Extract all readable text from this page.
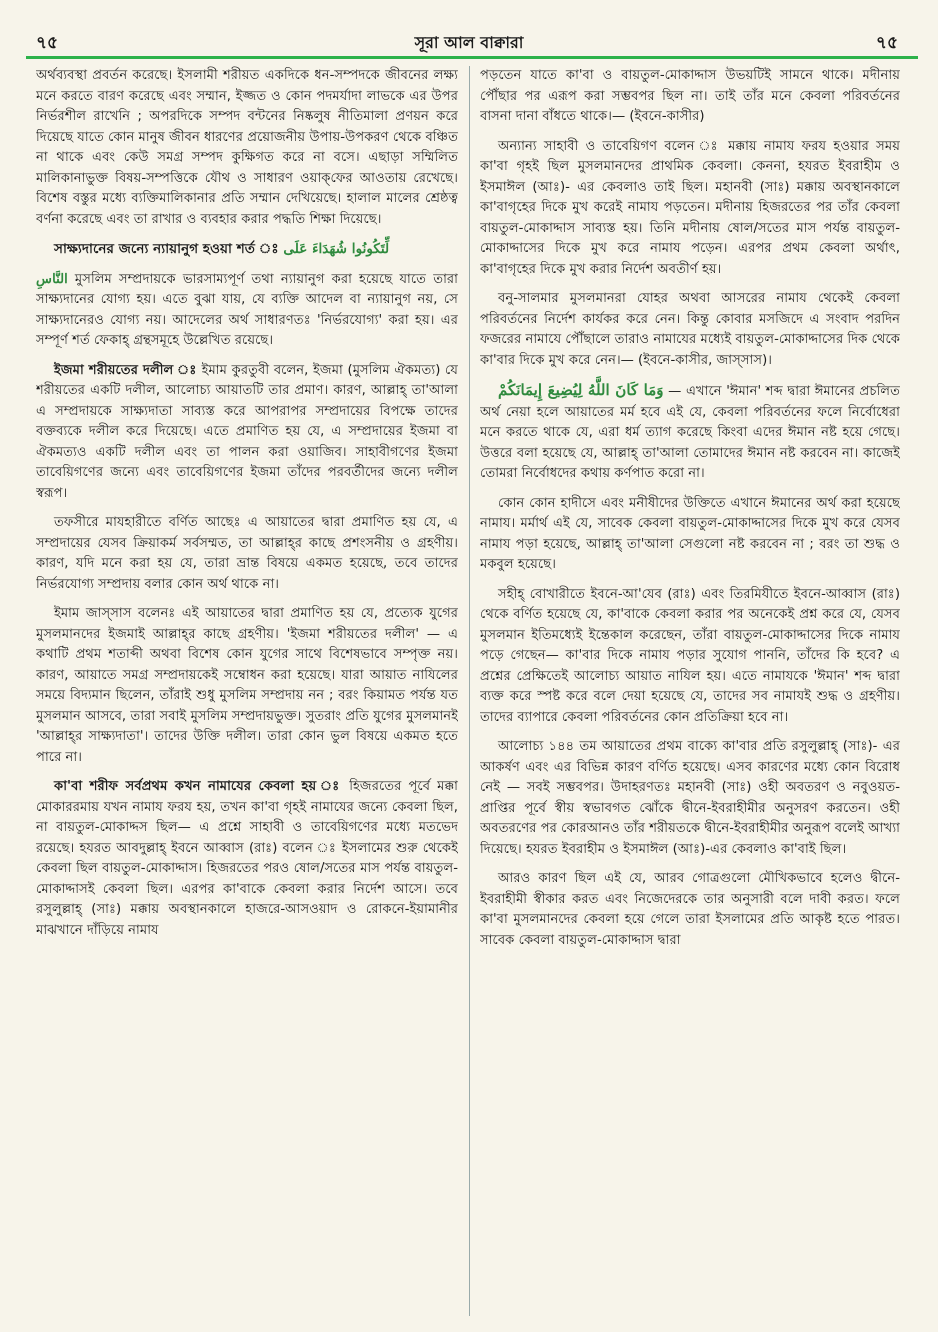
৭৫	সূরা আল বাক্বারা	৭৫

অর্থব্যবস্থা প্রবর্তন করেছে। ইসলামী শরীয়ত একদিকে ধন-সম্পদকে জীবনের লক্ষ্য মনে করতে বারণ করেছে এবং সম্মান, ইজ্জত ও কোন পদমর্যাদা লাভকে এর উপর নির্ভরশীল রাখেনি ; অপরদিকে সম্পদ বন্টনের নিষ্কলুষ নীতিমালা প্রণয়ন করে দিয়েছে যাতে কোন মানুষ জীবন ধারণের প্রয়োজনীয় উপায়-উপকরণ থেকে বঞ্চিত না থাকে এবং কেউ সমগ্র সম্পদ কুক্ষিগত করে না বসে। এছাড়া সম্মিলিত মালিকানাভুক্ত বিষয়-সম্পত্তিকে যৌথ ও সাধারণ ওয়াক্‌ফের আওতায় রেখেছে। বিশেষ বস্তুর মধ্যে ব্যক্তিমালিকানার প্রতি সম্মান দেখিয়েছে। হালাল মালের শ্রেষ্ঠত্ব বর্ণনা করেছে এবং তা রাখার ও ব্যবহার করার পদ্ধতি শিক্ষা দিয়েছে।

সাক্ষ্যদানের জন্যে ন্যায়ানুগ হওয়া শর্ত ঃ لِّتَكُونُوا شُهَدَاءَ عَلَى

النَّاسِ মুসলিম সম্প্রদায়কে ভারসাম্যপূর্ণ তথা ন্যায়ানুগ করা হয়েছে যাতে তারা সাক্ষ্যদানের যোগ্য হয়। এতে বুঝা যায়, যে ব্যক্তি আদেল বা ন্যায়ানুগ নয়, সে সাক্ষ্যদানেরও যোগ্য নয়। আদেলের অর্থ সাধারণতঃ 'নির্ভরযোগ্য' করা হয়। এর সম্পূর্ণ শর্ত ফেকাহ্ গ্রন্থসমূহে উল্লেখিত রয়েছে।

ইজমা শরীয়তের দলীল ঃ ইমাম কুরতুবী বলেন, ইজমা (মুসলিম ঐকমত্য) যে শরীয়তের একটি দলীল, আলোচ্য আয়াতটি তার প্রমাণ। কারণ, আল্লাহ্ তা'আলা এ সম্প্রদায়কে সাক্ষ্যদাতা সাব্যস্ত করে আপরাপর সম্প্রদায়ের বিপক্ষে তাদের বক্তব্যকে দলীল করে দিয়েছে। এতে প্রমাণিত হয় যে, এ সম্প্রদায়ের ইজমা বা ঐকমত্যও একটি দলীল এবং তা পালন করা ওয়াজিব। সাহাবীগণের ইজমা তাবেয়িগণের জন্যে এবং তাবেয়িগণের ইজমা তাঁদের পরবর্তীদের জন্যে দলীল স্বরূপ।

তফসীরে মাযহারীতে বর্ণিত আছেঃ এ আয়াতের দ্বারা প্রমাণিত হয় যে, এ সম্প্রদায়ের যেসব ক্রিয়াকর্ম সর্বসম্মত, তা আল্লাহ্‌র কাছে প্রশংসনীয় ও গ্রহণীয়। কারণ, যদি মনে করা হয় যে, তারা ভ্রান্ত বিষয়ে একমত হয়েছে, তবে তাদের নির্ভরযোগ্য সম্প্রদায় বলার কোন অর্থ থাকে না।

ইমাম জাস্‌সাস বলেনঃ এই আয়াতের দ্বারা প্রমাণিত হয় যে, প্রত্যেক যুগের মুসলমানদের ইজমাই আল্লাহ্‌র কাছে গ্রহণীয়। 'ইজমা শরীয়তের দলীল' — এ কথাটি প্রথম শতাব্দী অথবা বিশেষ কোন যুগের সাথে বিশেষভাবে সম্পৃক্ত নয়। কারণ, আয়াতে সমগ্র সম্প্রদায়কেই সম্বোধন করা হয়েছে। যারা আয়াত নাযিলের সময়ে বিদ্যমান ছিলেন, তাঁরাই শুধু মুসলিম সম্প্রদায় নন ; বরং কিয়ামত পর্যন্ত যত মুসলমান আসবে, তারা সবাই মুসলিম সম্প্রদায়ভুক্ত। সুতরাং প্রতি যুগের মুসলমানই 'আল্লাহ্‌র সাক্ষ্যদাতা'। তাদের উক্তি দলীল। তারা কোন ভুল বিষয়ে একমত হতে পারে না।

কা'বা শরীফ সর্বপ্রথম কখন নামাযের কেবলা হয় ঃ হিজরতের পূর্বে মক্কা মোকাররমায় যখন নামায ফরয হয়, তখন কা'বা গৃহই নামাযের জন্যে কেবলা ছিল, না বায়তুল-মোকাদ্দস ছিল— এ প্রশ্নে সাহাবী ও তাবেয়িগণের মধ্যে মতভেদ রয়েছে। হযরত আবদুল্লাহ্ ইবনে আব্বাস (রাঃ) বলেন ঃ ইসলামের শুরু থেকেই কেবলা ছিল বায়তুল-মোকাদ্দাস। হিজরতের পরও ষোল/সতের মাস পর্যন্ত বায়তুল-মোকাদ্দাসই কেবলা ছিল। এরপর কা'বাকে কেবলা করার নির্দেশ আসে। তবে রসুলুল্লাহ্ (সাঃ) মক্কায় অবস্থানকালে হাজরে-আসওয়াদ ও রোকনে-ইয়ামানীর মাঝখানে দাঁড়িয়ে নামায

পড়তেন যাতে কা'বা ও বায়তুল-মোকাদ্দাস উভয়টিই সামনে থাকে। মদীনায় পৌঁছার পর এরূপ করা সম্ভবপর ছিল না। তাই তাঁর মনে কেবলা পরিবর্তনের বাসনা দানা বাঁধতে থাকে।— (ইবনে-কাসীর)

অন্যান্য সাহাবী ও তাবেয়িগণ বলেন ঃ মক্কায় নামায ফরয হওয়ার সময় কা'বা গৃহই ছিল মুসলমানদের প্রাথমিক কেবলা। কেননা, হযরত ইবরাহীম ও ইসমাঈল (আঃ)- এর কেবলাও তাই ছিল। মহানবী (সাঃ) মক্কায় অবস্থানকালে কা'বাগৃহের দিকে মুখ করেই নামায পড়তেন। মদীনায় হিজরতের পর তাঁর কেবলা বায়তুল-মোকাদ্দাস সাব্যস্ত হয়। তিনি মদীনায় ষোল/সতের মাস পর্যন্ত বায়তুল-মোকাদ্দাসের দিকে মুখ করে নামায পড়েন। এরপর প্রথম কেবলা অর্থাৎ, কা'বাগৃহের দিকে মুখ করার নির্দেশ অবতীর্ণ হয়।

বনু-সালমার মুসলমানরা যোহর অথবা আসরের নামায থেকেই কেবলা পরিবর্তনের নির্দেশ কার্যকর করে নেন। কিন্তু কোবার মসজিদে এ সংবাদ পরদিন ফজরের নামাযে পৌঁছালে তারাও নামাযের মধ্যেই বায়তুল-মোকাদ্দাসের দিক থেকে কা'বার দিকে মুখ করে নেন।— (ইবনে-কাসীর, জাস্‌সাস)।

وَمَا كَانَ اللَّهُ لِيُضِيعَ إِيمَانَكُمْ — এখানে 'ঈমান' শব্দ দ্বারা ঈমানের প্রচলিত অর্থ নেয়া হলে আয়াতের মর্ম হবে এই যে, কেবলা পরিবর্তনের ফলে নির্বোধেরা মনে করতে থাকে যে, এরা ধর্ম ত্যাগ করেছে কিংবা এদের ঈমান নষ্ট হয়ে গেছে। উত্তরে বলা হয়েছে যে, আল্লাহ্ তা'আলা তোমাদের ঈমান নষ্ট করবেন না। কাজেই তোমরা নির্বোধদের কথায় কর্ণপাত করো না।

কোন কোন হাদীসে এবং মনীষীদের উক্তিতে এখানে ঈমানের অর্থ করা হয়েছে নামায। মর্মার্থ এই যে, সাবেক কেবলা বায়তুল-মোকাদ্দাসের দিকে মুখ করে যেসব নামায পড়া হয়েছে, আল্লাহ্ তা'আলা সেগুলো নষ্ট করবেন না ; বরং তা শুদ্ধ ও মকবুল হয়েছে।

সহীহ্ বোখারীতে ইবনে-আ'যেব (রাঃ) এবং তিরমিযীতে ইবনে-আব্বাস (রাঃ) থেকে বর্ণিত হয়েছে যে, কা'বাকে কেবলা করার পর অনেকেই প্রশ্ন করে যে, যেসব মুসলমান ইতিমধ্যেই ইন্তেকাল করেছেন, তাঁরা বায়তুল-মোকাদ্দাসের দিকে নামায পড়ে গেছেন— কা'বার দিকে নামায পড়ার সুযোগ পাননি, তাঁদের কি হবে? এ প্রশ্নের প্রেক্ষিতেই আলোচ্য আয়াত নাযিল হয়। এতে নামাযকে 'ঈমান' শব্দ দ্বারা ব্যক্ত করে স্পষ্ট করে বলে দেয়া হয়েছে যে, তাদের সব নামাযই শুদ্ধ ও গ্রহণীয়। তাদের ব্যাপারে কেবলা পরিবর্তনের কোন প্রতিক্রিয়া হবে না।

আলোচ্য ১৪৪ তম আয়াতের প্রথম বাক্যে কা'বার প্রতি রসুলুল্লাহ্ (সাঃ)- এর আকর্ষণ এবং এর বিভিন্ন কারণ বর্ণিত হয়েছে। এসব কারণের মধ্যে কোন বিরোধ নেই — সবই সম্ভবপর। উদাহরণতঃ মহানবী (সাঃ) ওহী অবতরণ ও নবুওয়ত-প্রাপ্তির পূর্বে স্বীয় স্বভাবগত ঝোঁকে দ্বীনে-ইবরাহীমীর অনুসরণ করতেন। ওহী অবতরণের পর কোরআনও তাঁর শরীয়তকে দ্বীনে-ইবরাহীমীর অনুরূপ বলেই আখ্যা দিয়েছে। হযরত ইবরাহীম ও ইসমাঈল (আঃ)-এর কেবলাও কা'বাই ছিল।

আরও কারণ ছিল এই যে, আরব গোত্রগুলো মৌখিকভাবে হলেও দ্বীনে-ইবরাহীমী স্বীকার করত এবং নিজেদেরকে তার অনুসারী বলে দাবী করত। ফলে কা'বা মুসলমানদের কেবলা হয়ে গেলে তারা ইসলামের প্রতি আকৃষ্ট হতে পারত। সাবেক কেবলা বায়তুল-মোকাদ্দাস দ্বারা
